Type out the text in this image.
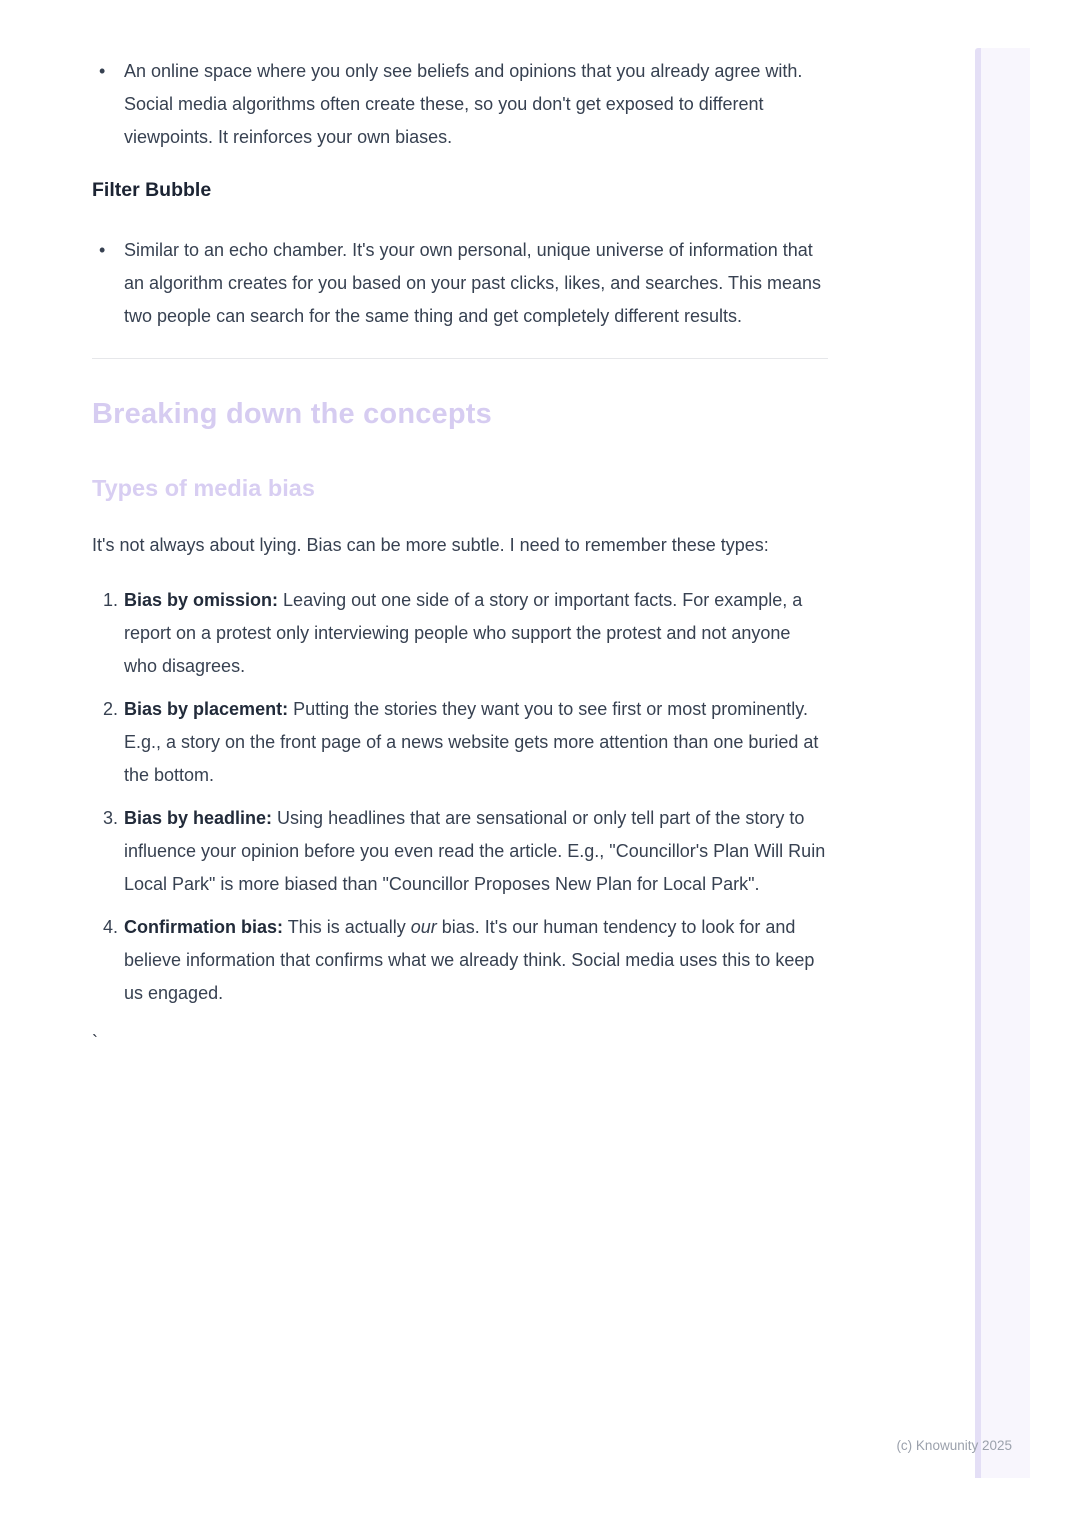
• An online space where you only see beliefs and opinions that you already agree with. Social media algorithms often create these, so you don't get exposed to different viewpoints. It reinforces your own biases.
Filter Bubble
• Similar to an echo chamber. It's your own personal, unique universe of information that an algorithm creates for you based on your past clicks, likes, and searches. This means two people can search for the same thing and get completely different results.
Breaking down the concepts
Types of media bias

It's not always about lying. Bias can be more subtle. I need to remember these types:

1. Bias by omission: Leaving out one side of a story or important facts. For example, a report on a protest only interviewing people who support the protest and not anyone who disagrees.
2. Bias by placement: Putting the stories they want you to see first or most prominently. E.g., a story on the front page of a news website gets more attention than one buried at the bottom.
3. Bias by headline: Using headlines that are sensational or only tell part of the story to influence your opinion before you even read the article. E.g., "Councillor's Plan Will Ruin Local Park" is more biased than "Councillor Proposes New Plan for Local Park".
4. Confirmation bias: This is actually our bias. It's our human tendency to look for and believe information that confirms what we already think. Social media uses this to keep us engaged.
`
(c) Knowunity 2025
